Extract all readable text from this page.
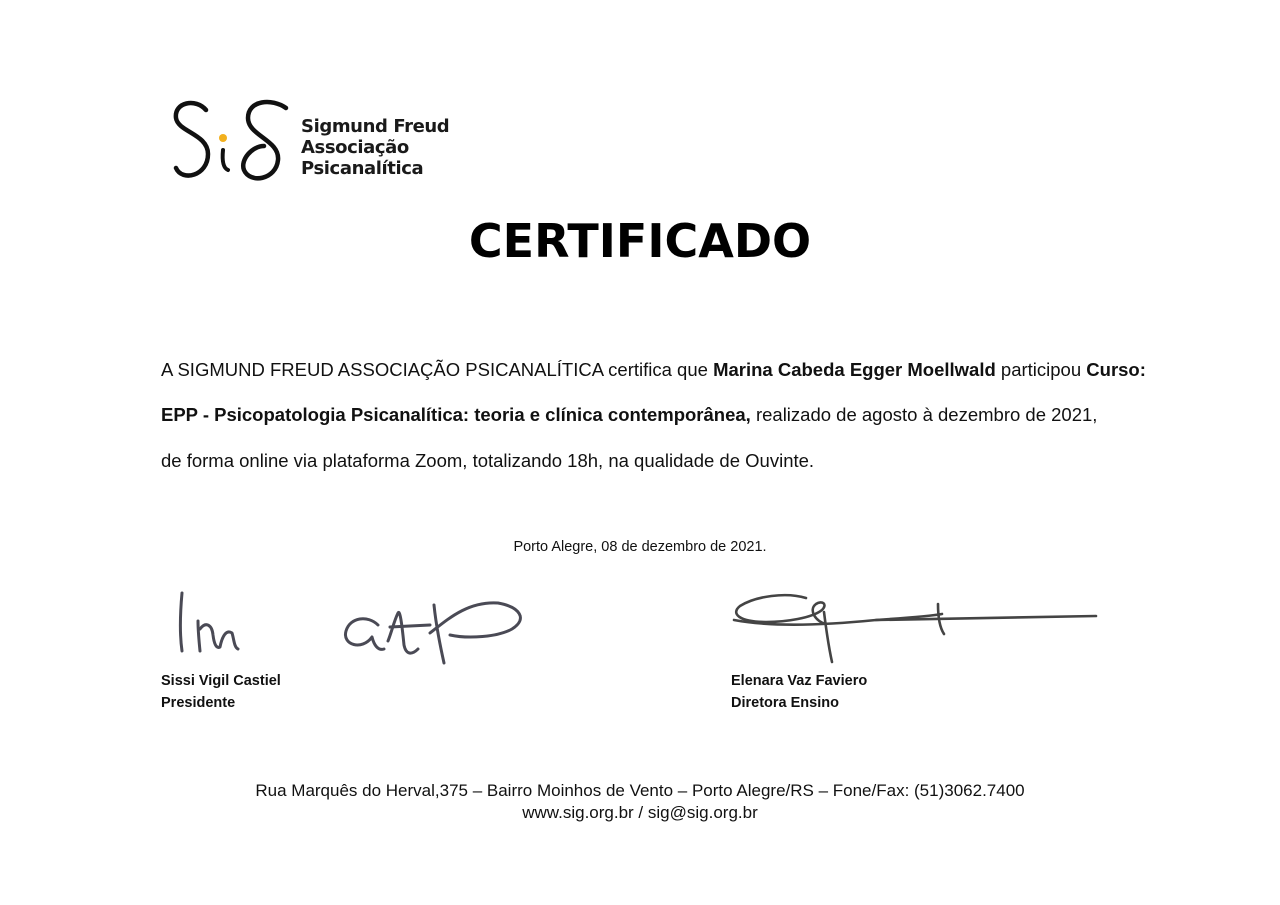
Sigmund Freud
Associação
Psicanalítica
CERTIFICADO
A SIGMUND FREUD ASSOCIAÇÃO PSICANALÍTICA certifica que Marina Cabeda Egger Moellwald participou Curso:
EPP - Psicopatologia Psicanalítica: teoria e clínica contemporânea, realizado de agosto à dezembro de 2021,
de forma online via plataforma Zoom, totalizando 18h, na qualidade de Ouvinte.
Porto Alegre, 08 de dezembro de 2021.
Sissi Vigil Castiel
Presidente
Elenara Vaz Faviero
Diretora Ensino
Rua Marquês do Herval,375 – Bairro Moinhos de Vento – Porto Alegre/RS – Fone/Fax: (51)3062.7400
www.sig.org.br / sig@sig.org.br
